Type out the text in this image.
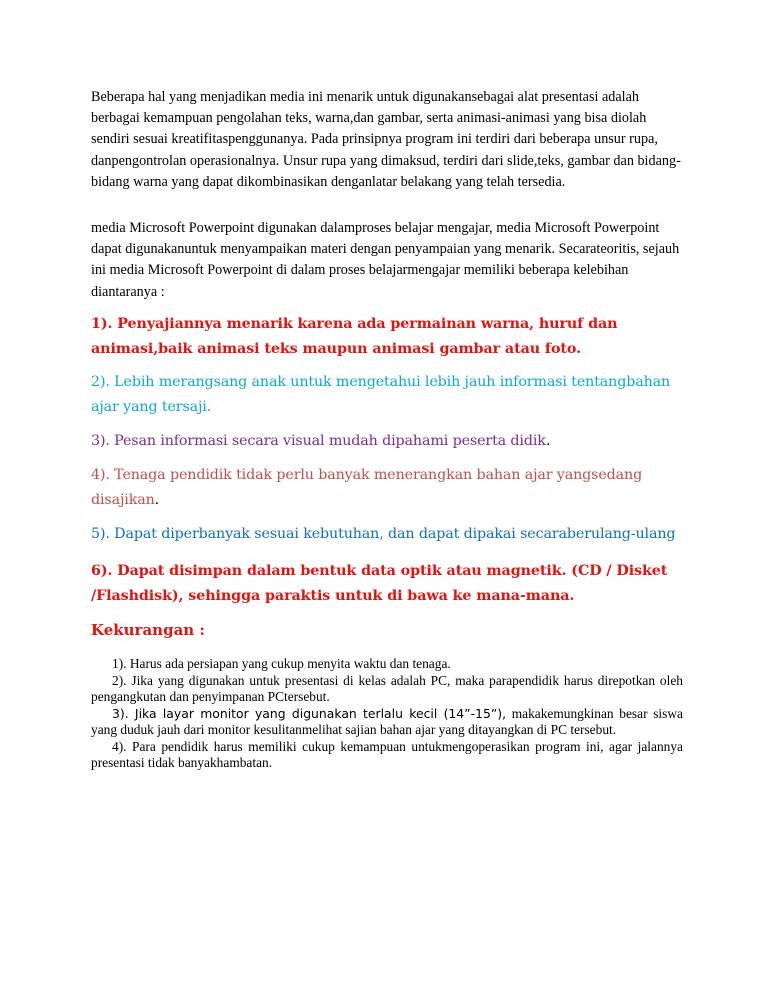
Beberapa hal yang menjadikan media ini menarik untuk digunakansebagai alat presentasi adalah berbagai kemampuan pengolahan teks, warna,dan gambar, serta animasi-animasi yang bisa diolah sendiri sesuai kreatifitaspenggunanya. Pada prinsipnya program ini terdiri dari beberapa unsur rupa, danpengontrolan operasionalnya. Unsur rupa yang dimaksud, terdiri dari slide,teks, gambar dan bidang-bidang warna yang dapat dikombinasikan denganlatar belakang yang telah tersedia.
media Microsoft Powerpoint digunakan dalamproses belajar mengajar, media Microsoft Powerpoint dapat digunakanuntuk menyampaikan materi dengan penyampaian yang menarik. Secarateoritis, sejauh ini media Microsoft Powerpoint di dalam proses belajarmengajar memiliki beberapa kelebihan diantaranya :
1). Penyajiannya menarik karena ada permainan warna, huruf dan animasi,baik animasi teks maupun animasi gambar atau foto.
2). Lebih merangsang anak untuk mengetahui lebih jauh informasi tentangbahan ajar yang tersaji.
3). Pesan informasi secara visual mudah dipahami peserta didik.
4). Tenaga pendidik tidak perlu banyak menerangkan bahan ajar yangsedang disajikan.
5). Dapat diperbanyak sesuai kebutuhan, dan dapat dipakai secaraberulang-ulang
6). Dapat disimpan dalam bentuk data optik atau magnetik. (CD / Disket /Flashdisk), sehingga paraktis untuk di bawa ke mana-mana.
Kekurangan :
1). Harus ada persiapan yang cukup menyita waktu dan tenaga.
2). Jika yang digunakan untuk presentasi di kelas adalah PC, maka parapendidik harus direpotkan oleh pengangkutan dan penyimpanan PCtersebut.
3). Jika layar monitor yang digunakan terlalu kecil (14”-15”), makakemungkinan besar siswa yang duduk jauh dari monitor kesulitanmelihat sajian bahan ajar yang ditayangkan di PC tersebut.
4). Para pendidik harus memiliki cukup kemampuan untukmengoperasikan program ini, agar jalannya presentasi tidak banyakhambatan.
